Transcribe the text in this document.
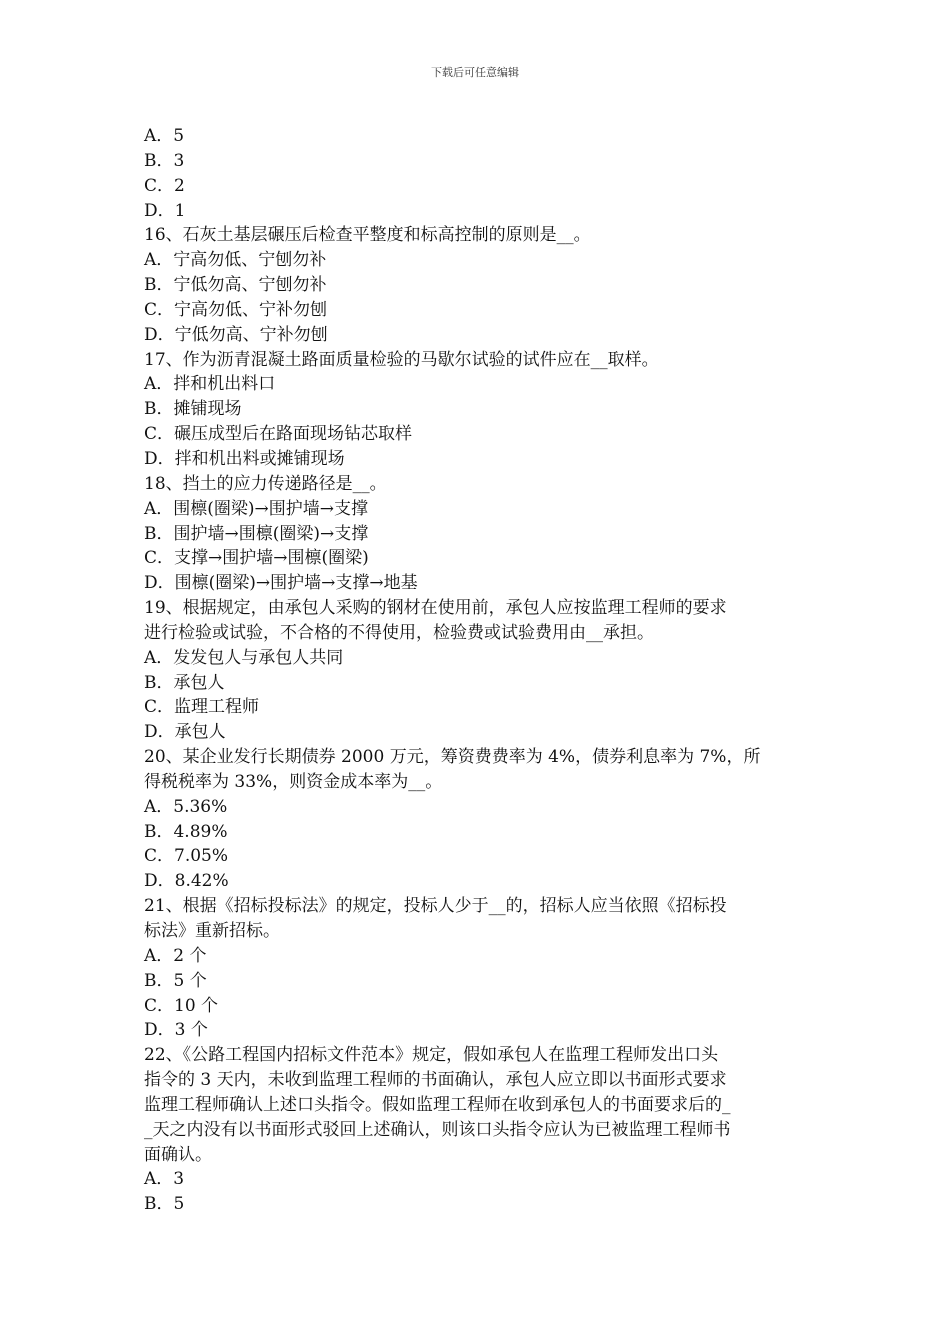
下载后可任意编辑
A．5
B．3
C．2
D．1
16、石灰土基层碾压后检查平整度和标高控制的原则是__。
A．宁高勿低、宁刨勿补
B．宁低勿高、宁刨勿补
C．宁高勿低、宁补勿刨
D．宁低勿高、宁补勿刨
17、作为沥青混凝土路面质量检验的马歇尔试验的试件应在__取样。
A．拌和机出料口
B．摊铺现场
C．碾压成型后在路面现场钻芯取样
D．拌和机出料或摊铺现场
18、挡土的应力传递路径是__。
A．围檩(圈梁)→围护墙→支撑
B．围护墙→围檩(圈梁)→支撑
C．支撑→围护墙→围檩(圈梁)
D．围檩(圈梁)→围护墙→支撑→地基
19、根据规定，由承包人采购的钢材在使用前，承包人应按监理工程师的要求
进行检验或试验，不合格的不得使用，检验费或试验费用由__承担。
A．发发包人与承包人共同
B．承包人
C．监理工程师
D．承包人
20、某企业发行长期债券 2000 万元，筹资费费率为 4%，债券利息率为 7%，所
得税税率为 33%，则资金成本率为__。
A．5.36%
B．4.89%
C．7.05%
D．8.42%
21、根据《招标投标法》的规定，投标人少于__的，招标人应当依照《招标投
标法》重新招标。
A．2 个
B．5 个
C．10 个
D．3 个
22、《公路工程国内招标文件范本》规定，假如承包人在监理工程师发出口头
指令的 3 天内，未收到监理工程师的书面确认，承包人应立即以书面形式要求
监理工程师确认上述口头指令。假如监理工程师在收到承包人的书面要求后的_
_天之内没有以书面形式驳回上述确认，则该口头指令应认为已被监理工程师书
面确认。
A．3
B．5
